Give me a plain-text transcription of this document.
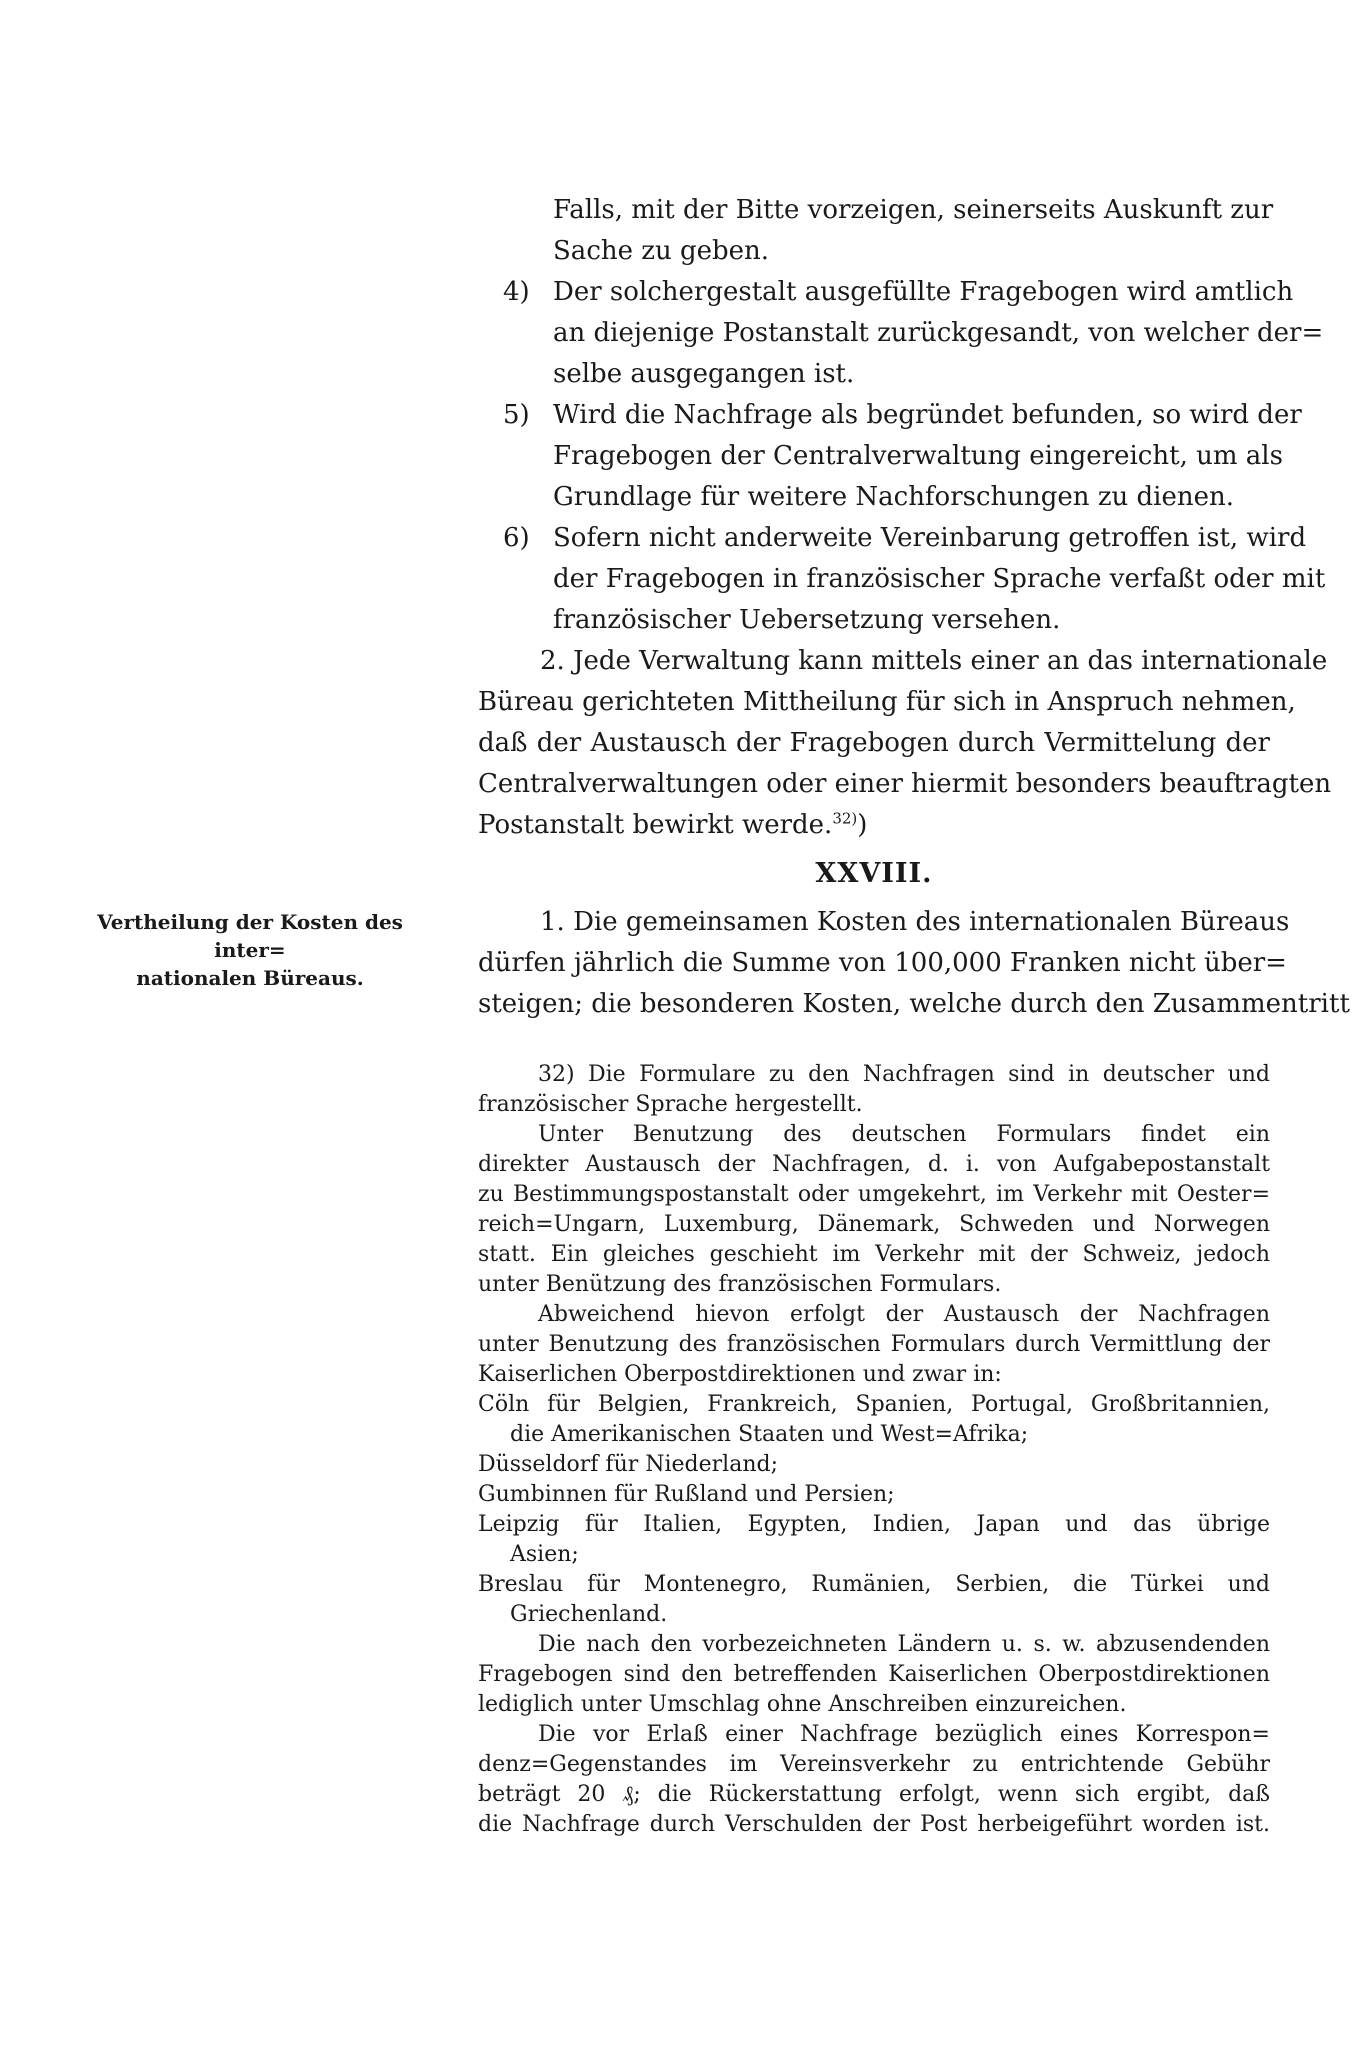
Falls, mit der Bitte vorzeigen, seinerseits Auskunft zur

Sache zu geben.

4) Der solchergestalt ausgefüllte Fragebogen wird amtlich

an diejenige Postanstalt zurückgesandt, von welcher der=

selbe ausgegangen ist.

5) Wird die Nachfrage als begründet befunden, so wird der

Fragebogen der Centralverwaltung eingereicht, um als

Grundlage für weitere Nachforschungen zu dienen.

6) Sofern nicht anderweite Vereinbarung getroffen ist, wird

der Fragebogen in französischer Sprache verfaßt oder mit

französischer Uebersetzung versehen.

2. Jede Verwaltung kann mittels einer an das internationale

Büreau gerichteten Mittheilung für sich in Anspruch nehmen,

daß der Austausch der Fragebogen durch Vermittelung der

Centralverwaltungen oder einer hiermit besonders beauftragten

Postanstalt bewirkt werde.$^{32)}$)

XXVIII.
Vertheilung der Kosten des inter=
nationalen Büreaus.

1. Die gemeinsamen Kosten des internationalen Büreaus

dürfen jährlich die Summe von 100,000 Franken nicht über=

steigen; die besonderen Kosten, welche durch den Zusammentritt

32) Die Formulare zu den Nachfragen sind in deutscher und

französischer Sprache hergestellt.

Unter Benutzung des deutschen Formulars findet ein

direkter Austausch der Nachfragen, d. i. von Aufgabepostanstalt

zu Bestimmungspostanstalt oder umgekehrt, im Verkehr mit Oester=

reich=Ungarn, Luxemburg, Dänemark, Schweden und Norwegen

statt. Ein gleiches geschieht im Verkehr mit der Schweiz, jedoch

unter Benützung des französischen Formulars.

Abweichend hievon erfolgt der Austausch der Nachfragen

unter Benutzung des französischen Formulars durch Vermittlung der

Kaiserlichen Oberpostdirektionen und zwar in:

Cöln für Belgien, Frankreich, Spanien, Portugal, Großbritannien,

die Amerikanischen Staaten und West=Afrika;

Düsseldorf für Niederland;

Gumbinnen für Rußland und Persien;

Leipzig für Italien, Egypten, Indien, Japan und das übrige

Asien;

Breslau für Montenegro, Rumänien, Serbien, die Türkei und

Griechenland.

Die nach den vorbezeichneten Ländern u. s. w. abzusendenden

Fragebogen sind den betreffenden Kaiserlichen Oberpostdirektionen

lediglich unter Umschlag ohne Anschreiben einzureichen.

Die vor Erlaß einer Nachfrage bezüglich eines Korrespon=

denz=Gegenstandes im Vereinsverkehr zu entrichtende Gebühr

beträgt 20 ₰; die Rückerstattung erfolgt, wenn sich ergibt, daß

die Nachfrage durch Verschulden der Post herbeigeführt worden ist.
